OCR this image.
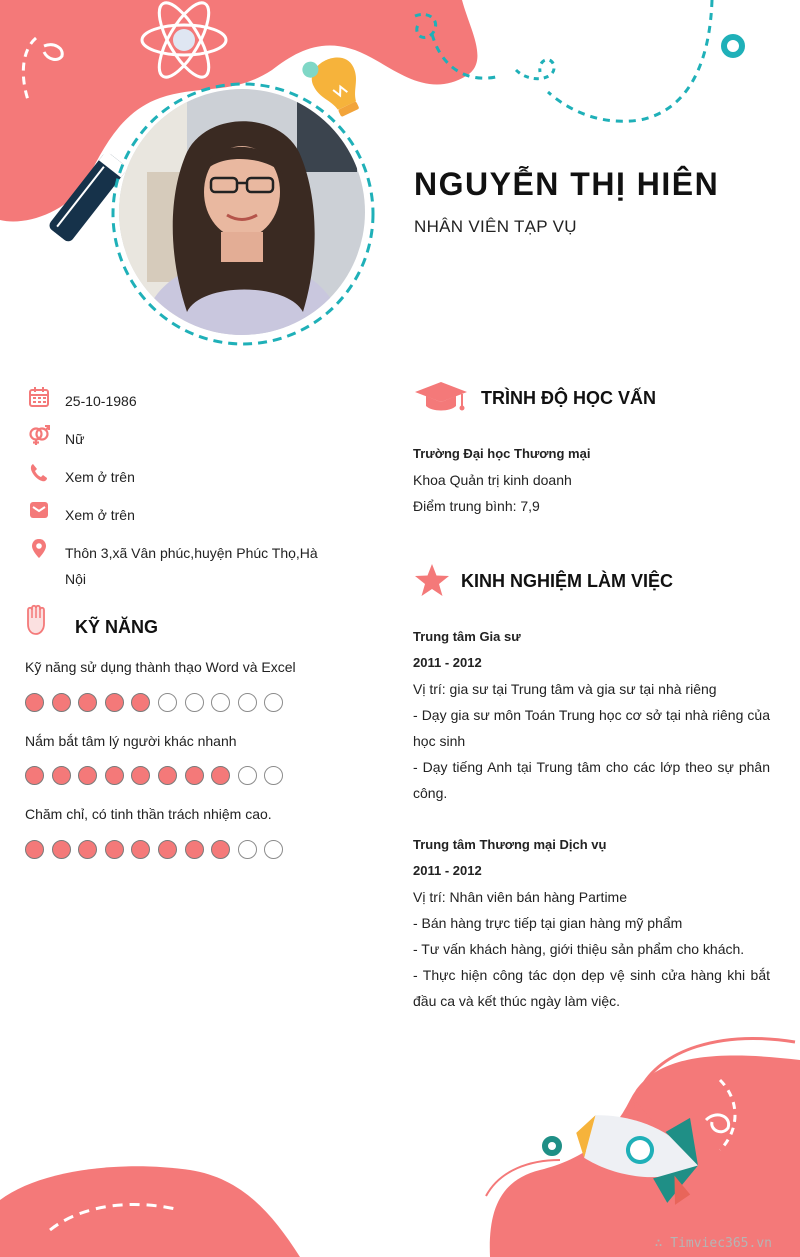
NGUYỄN THỊ HIÊN
NHÂN VIÊN TẠP VỤ
25-10-1986
Nữ
Xem ở trên
Xem ở trên
Thôn 3,xã Vân phúc,huyện Phúc Thọ,Hà Nội
KỸ NĂNG
Kỹ năng sử dụng thành thạo Word và Excel
Nắm bắt tâm lý người khác nhanh
Chăm chỉ, có tinh thần trách nhiệm cao.
TRÌNH ĐỘ HỌC VẤN
Trường Đại học Thương mại
Khoa Quản trị kinh doanh
Điểm trung bình: 7,9
KINH NGHIỆM LÀM VIỆC
Trung tâm Gia sư
2011 - 2012
Vị trí: gia sư tại Trung tâm và gia sư tại nhà riêng
- Dạy gia sư môn Toán Trung học cơ sở tại nhà riêng của học sinh
- Dạy tiếng Anh tại Trung tâm cho các lớp theo sự phân công.
Trung tâm Thương mại Dịch vụ
2011 - 2012
Vị trí: Nhân viên bán hàng Partime
- Bán hàng trực tiếp tại gian hàng mỹ phẩm
- Tư vấn khách hàng, giới thiệu sản phẩm cho khách.
- Thực hiện công tác dọn dẹp vệ sinh cửa hàng khi bắt đầu ca và kết thúc ngày làm việc.
∴ Timviec365.vn
